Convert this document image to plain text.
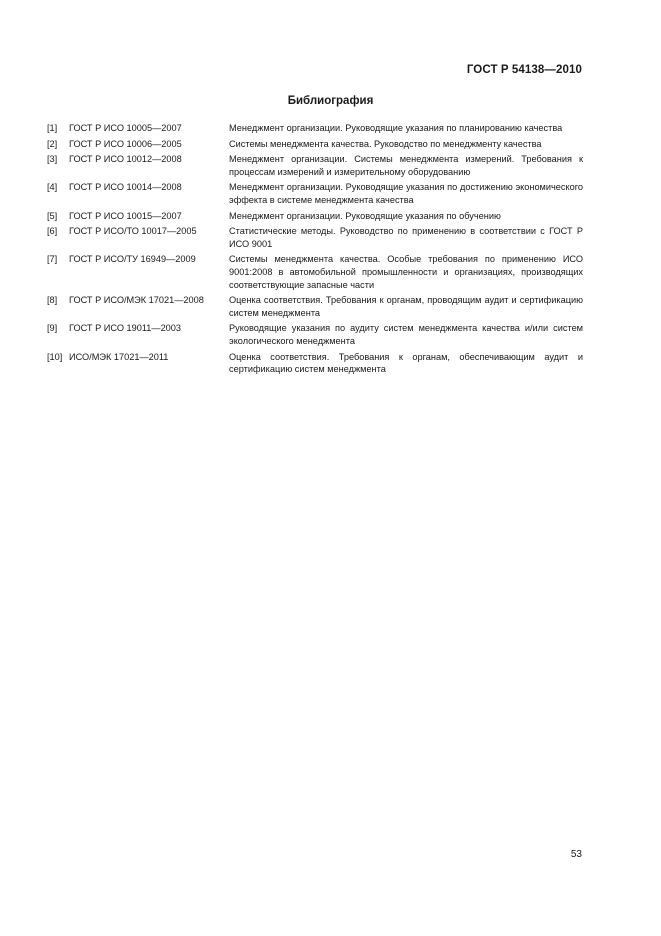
ГОСТ Р 54138—2010
Библиография
[1]	ГОСТ Р ИСО 10005—2007	Менеджмент организации. Руководящие указания по планированию качества
[2]	ГОСТ Р ИСО 10006—2005	Системы менеджмента качества. Руководство по менеджменту качества
[3]	ГОСТ Р ИСО 10012—2008	Менеджмент организации. Системы менеджмента измерений. Требования к процессам измерений и измерительному оборудованию
[4]	ГОСТ Р ИСО 10014—2008	Менеджмент организации. Руководящие указания по достижению экономического эффекта в системе менеджмента качества
[5]	ГОСТ Р ИСО 10015—2007	Менеджмент организации. Руководящие указания по обучению
[6]	ГОСТ Р ИСО/ТО 10017—2005	Статистические методы. Руководство по применению в соответствии с ГОСТ Р ИСО 9001
[7]	ГОСТ Р ИСО/ТУ 16949—2009	Системы менеджмента качества. Особые требования по применению ИСО 9001:2008 в автомобильной промышленности и организациях, производящих соответствующие запасные части
[8]	ГОСТ Р ИСО/МЭК 17021—2008	Оценка соответствия. Требования к органам, проводящим аудит и сертификацию систем менеджмента
[9]	ГОСТ Р ИСО 19011—2003	Руководящие указания по аудиту систем менеджмента качества и/или систем экологического менеджмента
[10] ИСО/МЭК 17021—2011	Оценка соответствия. Требования к органам, обеспечивающим аудит и сертификацию систем менеджмента
53
